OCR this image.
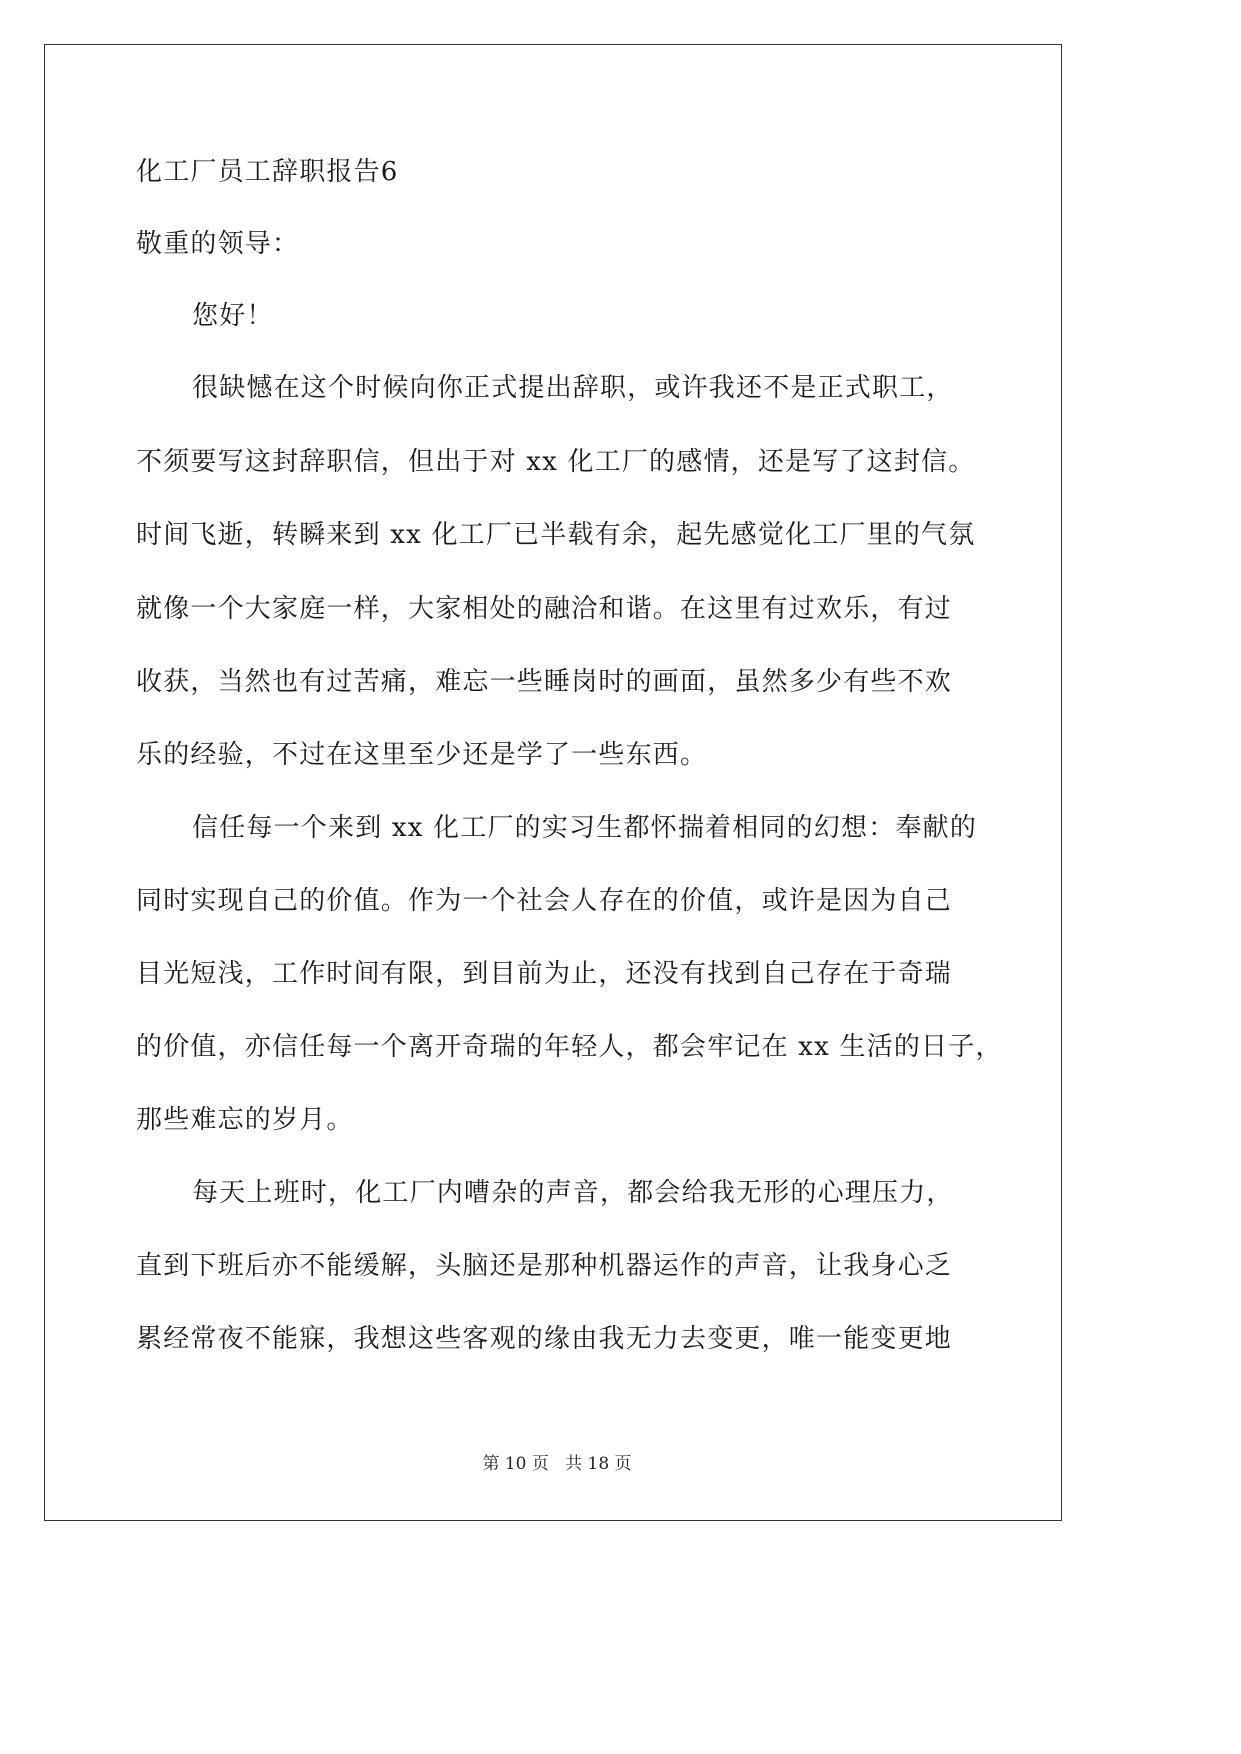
化工厂员工辞职报告6
敬重的领导：
您好！
很缺憾在这个时候向你正式提出辞职，或许我还不是正式职工，
不须要写这封辞职信，但出于对 xx 化工厂的感情，还是写了这封信。
时间飞逝，转瞬来到 xx 化工厂已半载有余，起先感觉化工厂里的气氛
就像一个大家庭一样，大家相处的融洽和谐。在这里有过欢乐，有过
收获，当然也有过苦痛，难忘一些睡岗时的画面，虽然多少有些不欢
乐的经验，不过在这里至少还是学了一些东西。
信任每一个来到 xx 化工厂的实习生都怀揣着相同的幻想：奉献的
同时实现自己的价值。作为一个社会人存在的价值，或许是因为自己
目光短浅，工作时间有限，到目前为止，还没有找到自己存在于奇瑞
的价值，亦信任每一个离开奇瑞的年轻人，都会牢记在 xx 生活的日子，
那些难忘的岁月。
每天上班时，化工厂内嘈杂的声音，都会给我无形的心理压力，
直到下班后亦不能缓解，头脑还是那种机器运作的声音，让我身心乏
累经常夜不能寐，我想这些客观的缘由我无力去变更，唯一能变更地
第 10 页   共 18 页
